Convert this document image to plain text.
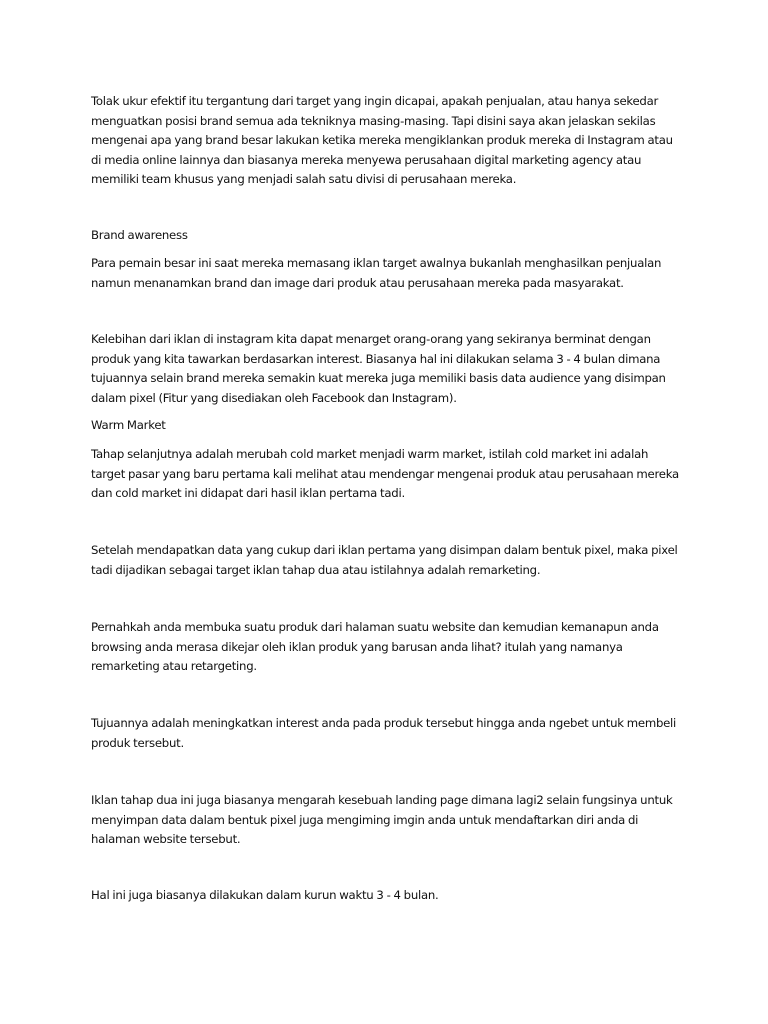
Tolak ukur efektif itu tergantung dari target yang ingin dicapai, apakah penjualan, atau hanya sekedar
menguatkan posisi brand semua ada tekniknya masing-masing. Tapi disini saya akan jelaskan sekilas
mengenai apa yang brand besar lakukan ketika mereka mengiklankan produk mereka di Instagram atau
di media online lainnya dan biasanya mereka menyewa perusahaan digital marketing agency atau
memiliki team khusus yang menjadi salah satu divisi di perusahaan mereka.

Brand awareness

Para pemain besar ini saat mereka memasang iklan target awalnya bukanlah menghasilkan penjualan
namun menanamkan brand dan image dari produk atau perusahaan mereka pada masyarakat.

Kelebihan dari iklan di instagram kita dapat menarget orang-orang yang sekiranya berminat dengan
produk yang kita tawarkan berdasarkan interest. Biasanya hal ini dilakukan selama 3 - 4 bulan dimana
tujuannya selain brand mereka semakin kuat mereka juga memiliki basis data audience yang disimpan
dalam pixel (Fitur yang disediakan oleh Facebook dan Instagram).

Warm Market

Tahap selanjutnya adalah merubah cold market menjadi warm market, istilah cold market ini adalah
target pasar yang baru pertama kali melihat atau mendengar mengenai produk atau perusahaan mereka
dan cold market ini didapat dari hasil iklan pertama tadi.

Setelah mendapatkan data yang cukup dari iklan pertama yang disimpan dalam bentuk pixel, maka pixel
tadi dijadikan sebagai target iklan tahap dua atau istilahnya adalah remarketing.

Pernahkah anda membuka suatu produk dari halaman suatu website dan kemudian kemanapun anda
browsing anda merasa dikejar oleh iklan produk yang barusan anda lihat? itulah yang namanya
remarketing atau retargeting.

Tujuannya adalah meningkatkan interest anda pada produk tersebut hingga anda ngebet untuk membeli
produk tersebut.

Iklan tahap dua ini juga biasanya mengarah kesebuah landing page dimana lagi2 selain fungsinya untuk
menyimpan data dalam bentuk pixel juga mengiming imgin anda untuk mendaftarkan diri anda di
halaman website tersebut.

Hal ini juga biasanya dilakukan dalam kurun waktu 3 - 4 bulan.
